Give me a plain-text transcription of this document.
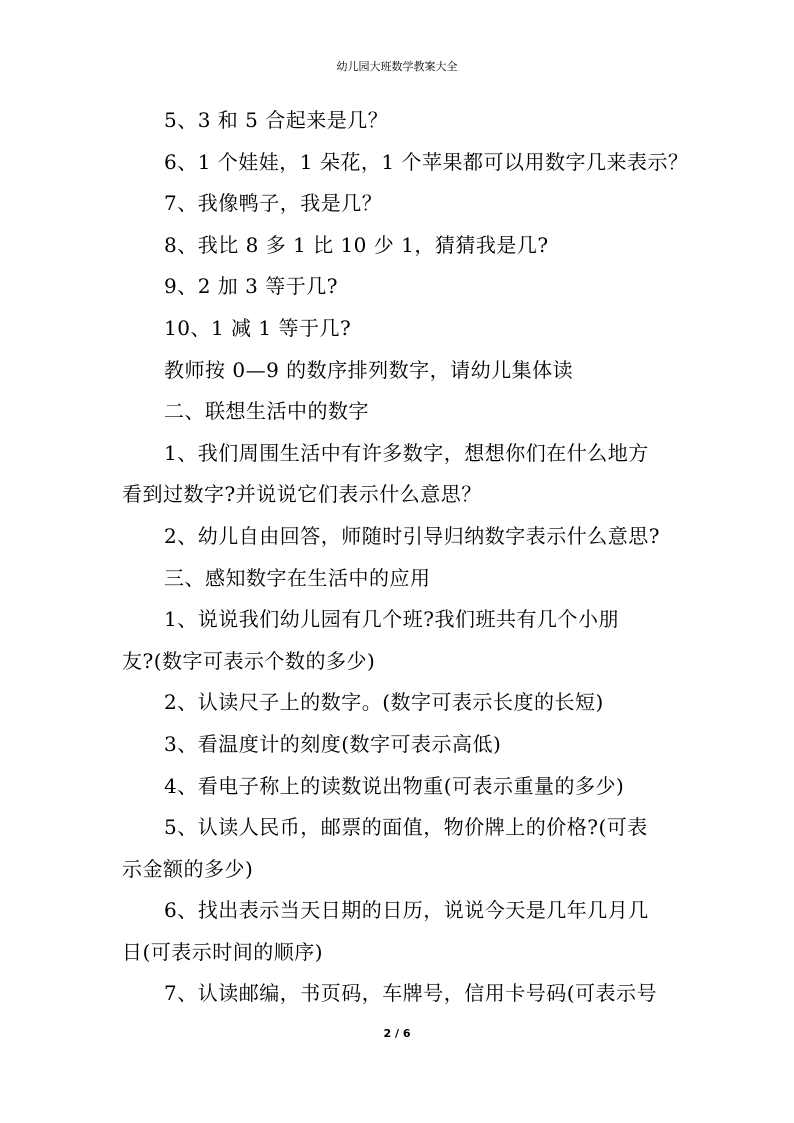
幼儿园大班数学教案大全
5、3 和 5 合起来是几？
6、1 个娃娃，1 朵花，1 个苹果都可以用数字几来表示？
7、我像鸭子，我是几？
8、我比 8 多 1 比 10 少 1，猜猜我是几?
9、2 加 3 等于几?
10、1 减 1 等于几?
教师按 0—9 的数序排列数字，请幼儿集体读
二、联想生活中的数字
1、我们周围生活中有许多数字，想想你们在什么地方
看到过数字?并说说它们表示什么意思？
2、幼儿自由回答，师随时引导归纳数字表示什么意思?
三、感知数字在生活中的应用
1、说说我们幼儿园有几个班?我们班共有几个小朋
友?(数字可表示个数的多少)
2、认读尺子上的数字。(数字可表示长度的长短)
3、看温度计的刻度(数字可表示高低)
4、看电子称上的读数说出物重(可表示重量的多少)
5、认读人民币，邮票的面值，物价牌上的价格?(可表
示金额的多少)
6、找出表示当天日期的日历，说说今天是几年几月几
日(可表示时间的顺序)
7、认读邮编，书页码，车牌号，信用卡号码(可表示号
2 / 6
